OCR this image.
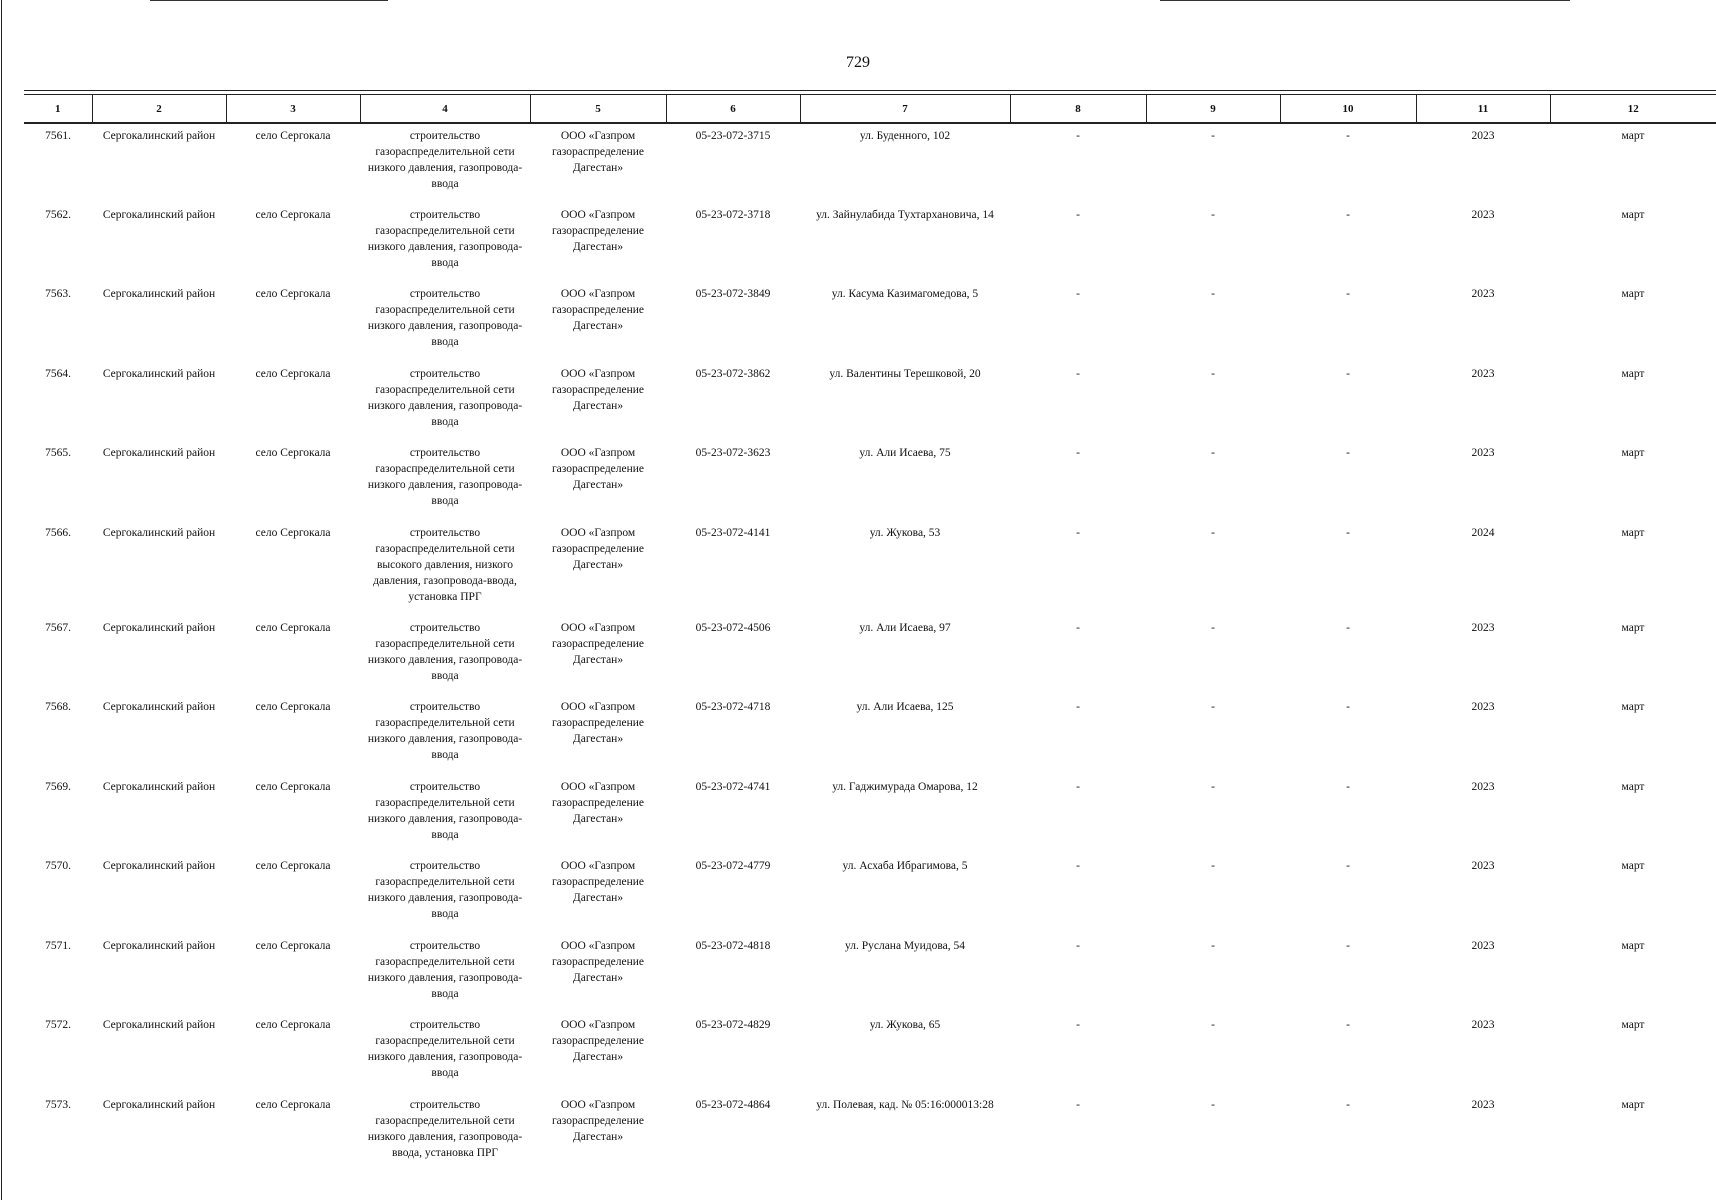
729
1	2	3	4	5	6	7	8	9	10	11	12
7561.	Сергокалинский район	село Сергокала	строительство газораспределительной сети низкого давления, газопровода-ввода	ООО «Газпром газораспределение Дагестан»	05-23-072-3715	ул. Буденного, 102	-	-	-	2023	март
7562.	Сергокалинский район	село Сергокала	строительство газораспределительной сети низкого давления, газопровода-ввода	ООО «Газпром газораспределение Дагестан»	05-23-072-3718	ул. Зайнулабида Тухтархановича, 14	-	-	-	2023	март
7563.	Сергокалинский район	село Сергокала	строительство газораспределительной сети низкого давления, газопровода-ввода	ООО «Газпром газораспределение Дагестан»	05-23-072-3849	ул. Касума Казимагомедова, 5	-	-	-	2023	март
7564.	Сергокалинский район	село Сергокала	строительство газораспределительной сети низкого давления, газопровода-ввода	ООО «Газпром газораспределение Дагестан»	05-23-072-3862	ул. Валентины Терешковой, 20	-	-	-	2023	март
7565.	Сергокалинский район	село Сергокала	строительство газораспределительной сети низкого давления, газопровода-ввода	ООО «Газпром газораспределение Дагестан»	05-23-072-3623	ул. Али Исаева, 75	-	-	-	2023	март
7566.	Сергокалинский район	село Сергокала	строительство газораспределительной сети высокого давления, низкого давления, газопровода-ввода, установка ПРГ	ООО «Газпром газораспределение Дагестан»	05-23-072-4141	ул. Жукова, 53	-	-	-	2024	март
7567.	Сергокалинский район	село Сергокала	строительство газораспределительной сети низкого давления, газопровода-ввода	ООО «Газпром газораспределение Дагестан»	05-23-072-4506	ул. Али Исаева, 97	-	-	-	2023	март
7568.	Сергокалинский район	село Сергокала	строительство газораспределительной сети низкого давления, газопровода-ввода	ООО «Газпром газораспределение Дагестан»	05-23-072-4718	ул. Али Исаева, 125	-	-	-	2023	март
7569.	Сергокалинский район	село Сергокала	строительство газораспределительной сети низкого давления, газопровода-ввода	ООО «Газпром газораспределение Дагестан»	05-23-072-4741	ул. Гаджимурада Омарова, 12	-	-	-	2023	март
7570.	Сергокалинский район	село Сергокала	строительство газораспределительной сети низкого давления, газопровода-ввода	ООО «Газпром газораспределение Дагестан»	05-23-072-4779	ул. Асхаба Ибрагимова, 5	-	-	-	2023	март
7571.	Сергокалинский район	село Сергокала	строительство газораспределительной сети низкого давления, газопровода-ввода	ООО «Газпром газораспределение Дагестан»	05-23-072-4818	ул. Руслана Муидова, 54	-	-	-	2023	март
7572.	Сергокалинский район	село Сергокала	строительство газораспределительной сети низкого давления, газопровода-ввода	ООО «Газпром газораспределение Дагестан»	05-23-072-4829	ул. Жукова, 65	-	-	-	2023	март
7573.	Сергокалинский район	село Сергокала	строительство газораспределительной сети низкого давления, газопровода-ввода, установка ПРГ	ООО «Газпром газораспределение Дагестан»	05-23-072-4864	ул. Полевая, кад. № 05:16:000013:28	-	-	-	2023	март
